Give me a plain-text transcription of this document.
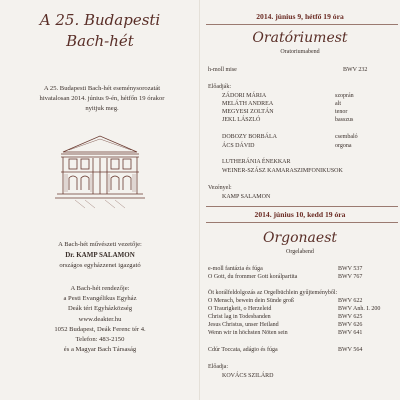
A 25. Budapesti
Bach-hét
A 25. Budapesti Bach-hét eseménysorozatát
hivatalosan 2014. június 9-én, hétfőn 19 órakor
nyitjuk meg.
A Bach-hét művészeti vezetője:
Dr. KAMP SALAMON
országos egyházzenei igazgató
A Bach-hét rendezője:
a Pesti Evangélikus Egyház
Deák téri Egyházközség
www.deakter.hu
1052 Budapest, Deák Ferenc tér 4.
Telefon: 483-2150
és a Magyar Bach Társaság
2014. június 9, hétfő 19 óra
Oratóriumest
Oratoriumabend
h-moll mise	BWV 232
Előadják:
ZÁDORI MÁRIA	szoprán
MELÁTH ANDREA	alt
MEGYESI ZOLTÁN	tenor
JEKL LÁSZLÓ	basszus
DOBOZY BORBÁLA	csembaló
ÁCS DÁVID	orgona
LUTHERÁNIA ÉNEKKAR
WEINER-SZÁSZ KAMARASZIMFONIKUSOK
Vezényel:
KAMP SALAMON
2014. június 10, kedd 19 óra
Orgonaest
Orgelabend
e-moll fantázia és fúga	BWV 537
O Gott, du frommer Gott korálpartita	BWV 767
Öt korálfeldolgozás az Orgelbüchlein gyűjteményből:
O Mensch, bewein dein Sünde groß	BWV 622
O Traurigkeit, o Herzeleid	BWV Anh. I. 200
Christ lag in Todesbanden	BWV 625
Jesus Christus, unser Heiland	BWV 626
Wenn wir in höchsten Nöten sein	BWV 641
Cdúr Toccata, adágio és fúga	BWV 564
Előadja:
KOVÁCS SZILÁRD
